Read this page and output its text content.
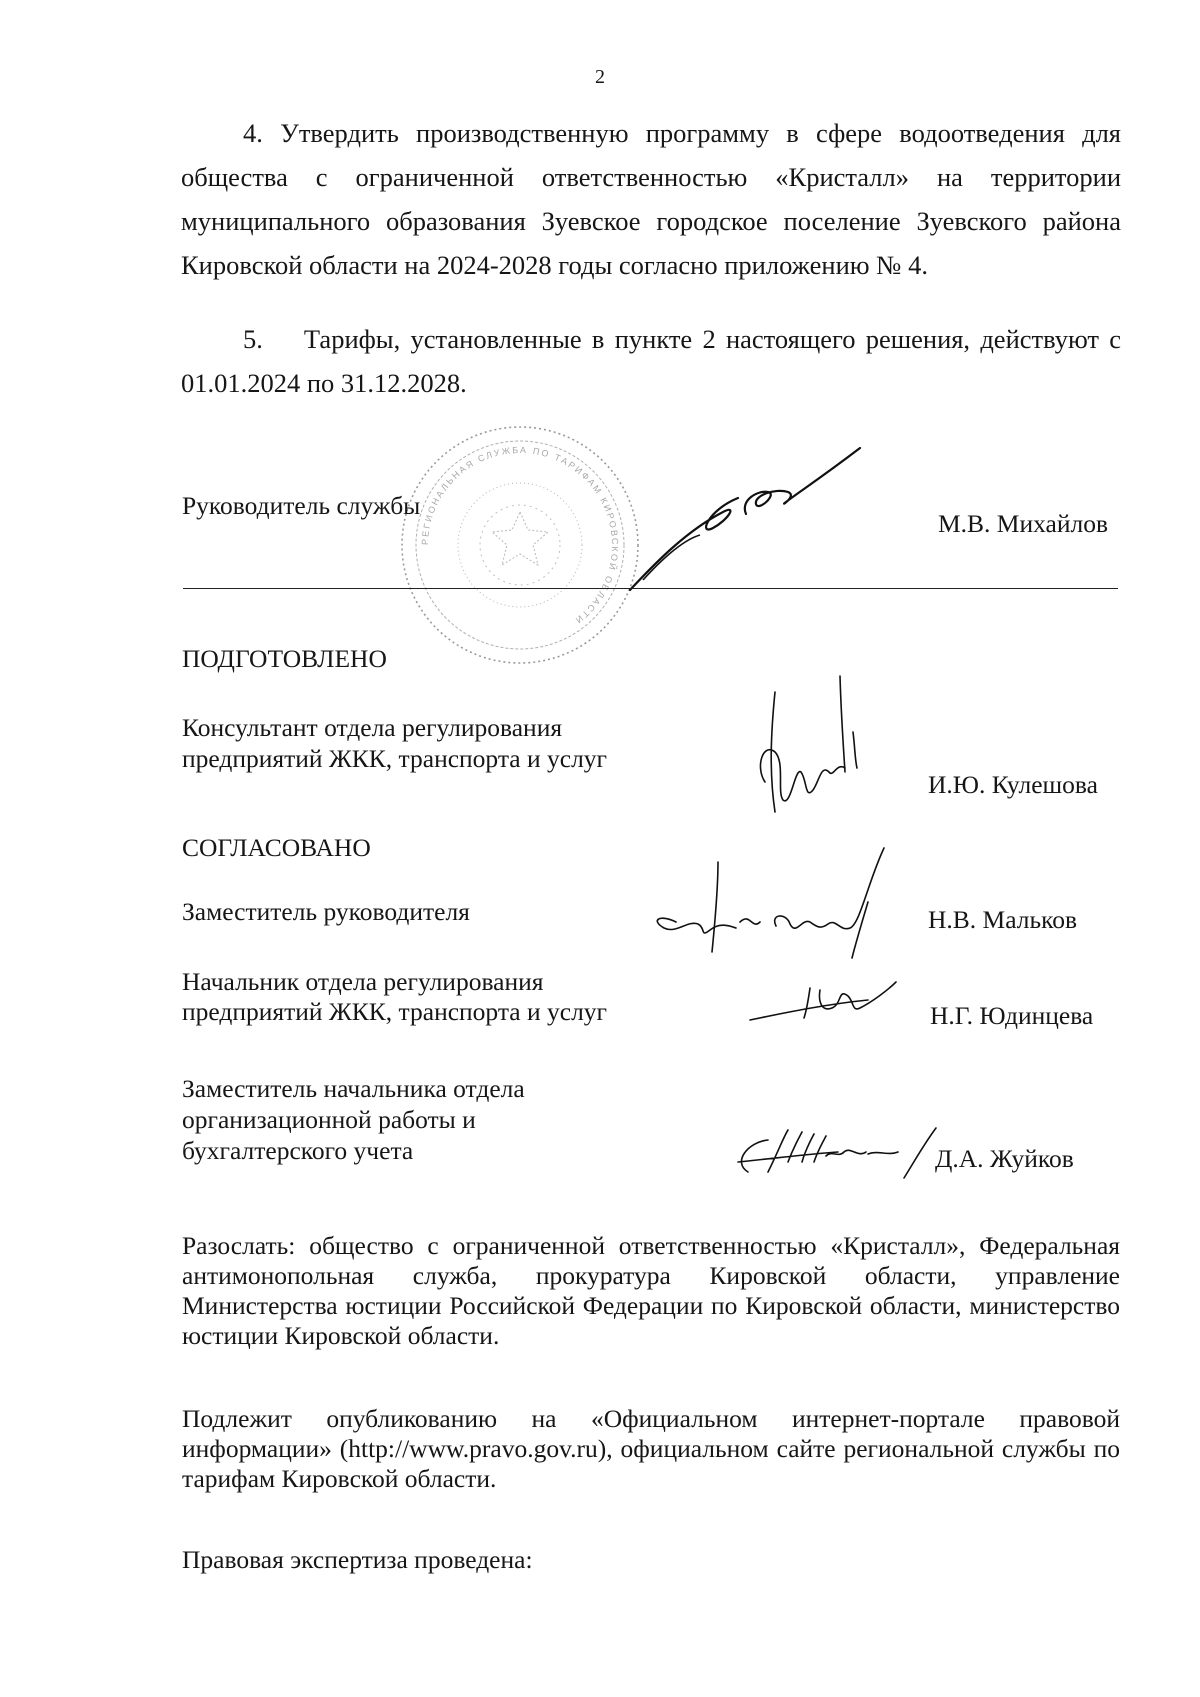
2
4. Утвердить производственную программу в сфере водоотведения для общества с ограниченной ответственностью «Кристалл» на территории муниципального образования Зуевское городское поселение Зуевского района Кировской области на 2024-2028 годы согласно приложению № 4.
5. Тарифы, установленные в пункте 2 настоящего решения, действуют с 01.01.2024 по 31.12.2028.
РЕГИОНАЛЬНАЯ СЛУЖБА ПО ТАРИФАМ КИРОВСКОЙ ОБЛАСТИ
Руководитель службы
М.В. Михайлов
ПОДГОТОВЛЕНО
Консультант отдела регулирования
предприятий ЖКК, транспорта и услуг
И.Ю. Кулешова
СОГЛАСОВАНО
Заместитель руководителя	Н.В. Мальков
Начальник отдела регулирования
предприятий ЖКК, транспорта и услуг	Н.Г. Юдинцева
Заместитель начальника отдела
организационной работы и
бухгалтерского учета	Д.А. Жуйков
Разослать: общество с ограниченной ответственностью «Кристалл», Федеральная антимонопольная служба, прокуратура Кировской области, управление Министерства юстиции Российской Федерации по Кировской области, министерство юстиции Кировской области.
Подлежит опубликованию на «Официальном интернет-портале правовой информации» (http://www.pravo.gov.ru), официальном сайте региональной службы по тарифам Кировской области.
Правовая экспертиза проведена:
